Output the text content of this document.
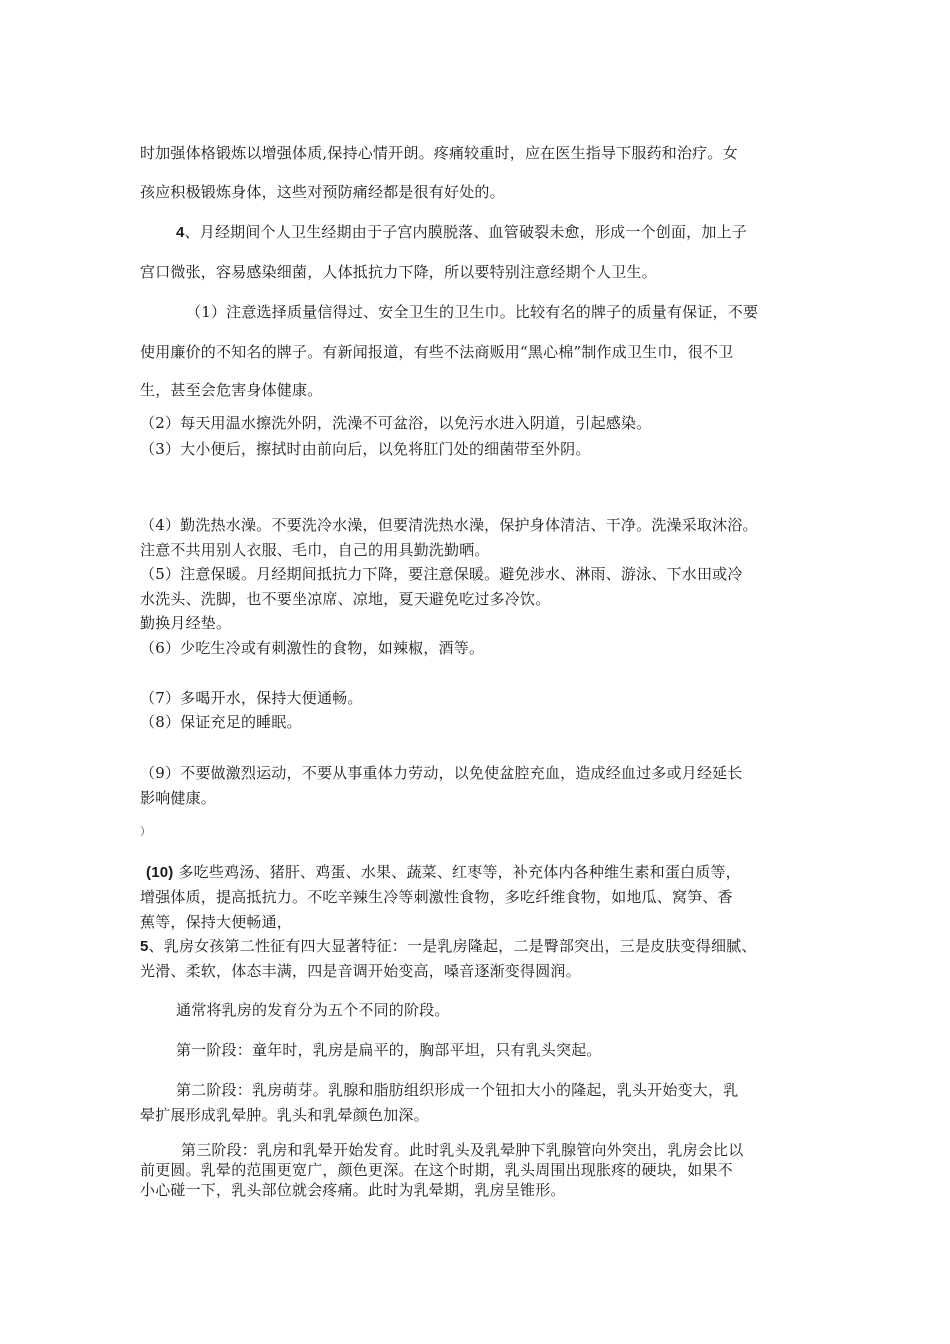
时加强体格锻炼以增强体质,保持心情开朗。疼痛较重时，应在医生指导下服药和治疗。女

孩应积极锻炼身体，这些对预防痛经都是很有好处的。

4、月经期间个人卫生经期由于子宫内膜脱落、血管破裂未愈，形成一个创面，加上子

宫口微张，容易感染细菌，人体抵抗力下降，所以要特别注意经期个人卫生。

（1）注意选择质量信得过、安全卫生的卫生巾。比较有名的牌子的质量有保证，不要

使用廉价的不知名的牌子。有新闻报道，有些不法商贩用“黑心棉”制作成卫生巾，很不卫

生，甚至会危害身体健康。

（2）每天用温水擦洗外阴，洗澡不可盆浴，以免污水进入阴道，引起感染。

（3）大小便后，擦拭时由前向后，以免将肛门处的细菌带至外阴。

（4）勤洗热水澡。不要洗冷水澡，但要清洗热水澡，保护身体清洁、干净。洗澡采取沐浴。

注意不共用别人衣服、毛巾，自己的用具勤洗勤晒。

（5）注意保暖。月经期间抵抗力下降，要注意保暖。避免涉水、淋雨、游泳、下水田或冷

水洗头、洗脚，也不要坐凉席、凉地，夏天避免吃过多冷饮。

勤换月经垫。

（6）少吃生冷或有刺激性的食物，如辣椒，酒等。

（7）多喝开水，保持大便通畅。

（8）保证充足的睡眠。

（9）不要做激烈运动，不要从事重体力劳动，以免使盆腔充血，造成经血过多或月经延长

影响健康。

）

(10) 多吃些鸡汤、猪肝、鸡蛋、水果、蔬菜、红枣等，补充体内各种维生素和蛋白质等，

增强体质，提高抵抗力。不吃辛辣生冷等刺激性食物，多吃纤维食物，如地瓜、窝笋、香

蕉等，保持大便畅通，

5、乳房女孩第二性征有四大显著特征：一是乳房隆起，二是臀部突出，三是皮肤变得细腻、

光滑、柔软，体态丰满，四是音调开始变高，嗓音逐渐变得圆润。

通常将乳房的发育分为五个不同的阶段。

第一阶段：童年时，乳房是扁平的，胸部平坦，只有乳头突起。

第二阶段：乳房萌芽。乳腺和脂肪组织形成一个钮扣大小的隆起，乳头开始变大，乳

晕扩展形成乳晕肿。乳头和乳晕颜色加深。

第三阶段：乳房和乳晕开始发育。此时乳头及乳晕肿下乳腺管向外突出，乳房会比以

前更圆。乳晕的范围更宽广，颜色更深。在这个时期，乳头周围出现胀疼的硬块，如果不

小心碰一下，乳头部位就会疼痛。此时为乳晕期，乳房呈锥形。
